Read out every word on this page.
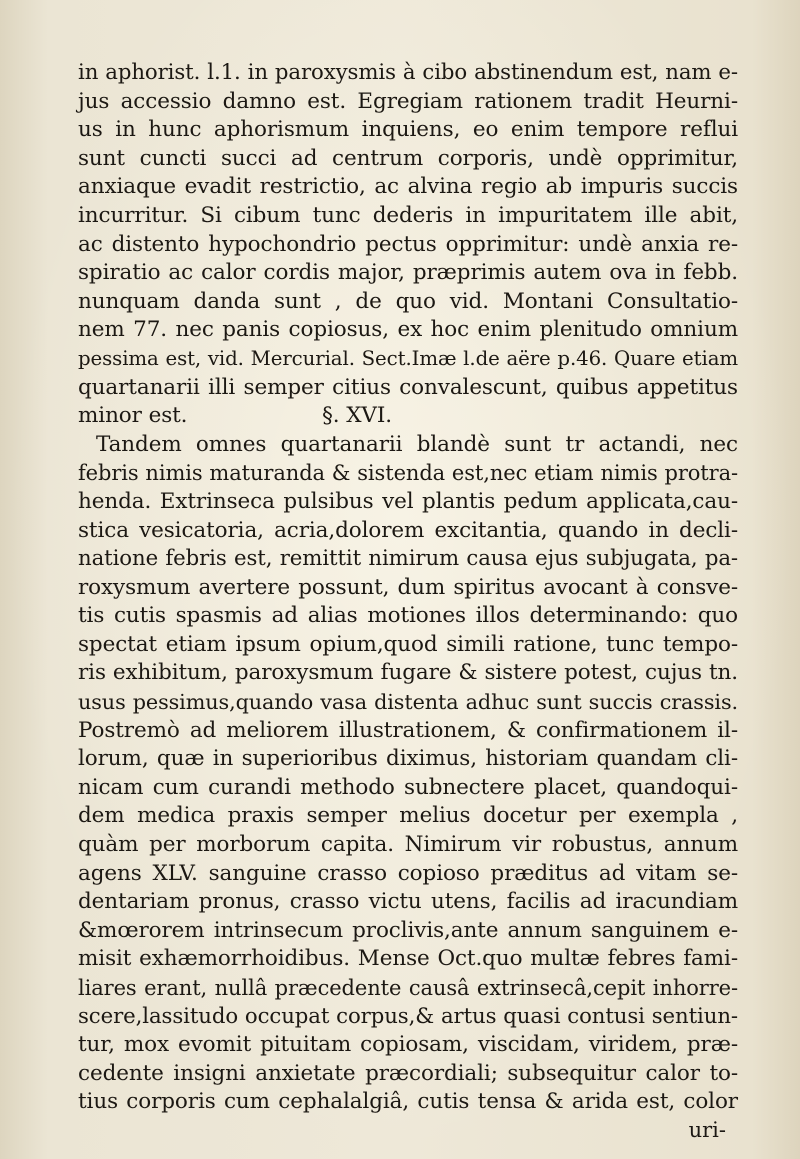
in aphorist. l.1. in paroxysmis à cibo abstinendum est, nam e-
jus accessio damno est. Egregiam rationem tradit Heurni-
us in hunc aphorismum inquiens, eo enim tempore reflui
sunt cuncti succi ad centrum corporis, undè opprimitur,
anxiaque evadit restrictio, ac alvina regio ab impuris succis
incurritur. Si cibum tunc dederis in impuritatem ille abit,
ac distento hypochondrio pectus opprimitur: undè anxia re-
spiratio ac calor cordis major, præprimis autem ova in febb.
nunquam danda sunt , de quo vid. Montani Consultatio-
nem 77. nec panis copiosus, ex hoc enim plenitudo omnium
pessima est, vid. Mercurial. Sect.Imæ l.de aëre p.46. Quare etiam
quartanarii illi semper citius convalescunt, quibus appetitus
minor est.                    §. XVI.
Tandem omnes quartanarii blandè sunt tr actandi, nec
febris nimis maturanda & sistenda est,nec etiam nimis protra-
henda. Extrinseca pulsibus vel plantis pedum applicata,cau-
stica vesicatoria, acria,dolorem excitantia, quando in decli-
natione febris est, remittit nimirum causa ejus subjugata, pa-
roxysmum avertere possunt, dum spiritus avocant à consve-
tis cutis spasmis ad alias motiones illos determinando: quo
spectat etiam ipsum opium,quod simili ratione, tunc tempo-
ris exhibitum, paroxysmum fugare & sistere potest, cujus tn.
usus pessimus,quando vasa distenta adhuc sunt succis crassis.
Postremò ad meliorem illustrationem, & confirmationem il-
lorum, quæ in superioribus diximus, historiam quandam cli-
nicam cum curandi methodo subnectere placet, quandoqui-
dem medica praxis semper melius docetur per exempla ,
quàm per morborum capita. Nimirum vir robustus, annum
agens XLV. sanguine crasso copioso præditus ad vitam se-
dentariam pronus, crasso victu utens, facilis ad iracundiam
&mœrorem intrinsecum proclivis,ante annum sanguinem e-
misit exhæmorrhoidibus. Mense Oct.quo multæ febres fami-
liares erant, nullâ præcedente causâ extrinsecâ,cepit inhorre-
scere,lassitudo occupat corpus,& artus quasi contusi sentiun-
tur, mox evomit pituitam copiosam, viscidam, viridem, præ-
cedente insigni anxietate præcordiali; subsequitur calor to-
tius corporis cum cephalalgiâ, cutis tensa & arida est, color
uri-
